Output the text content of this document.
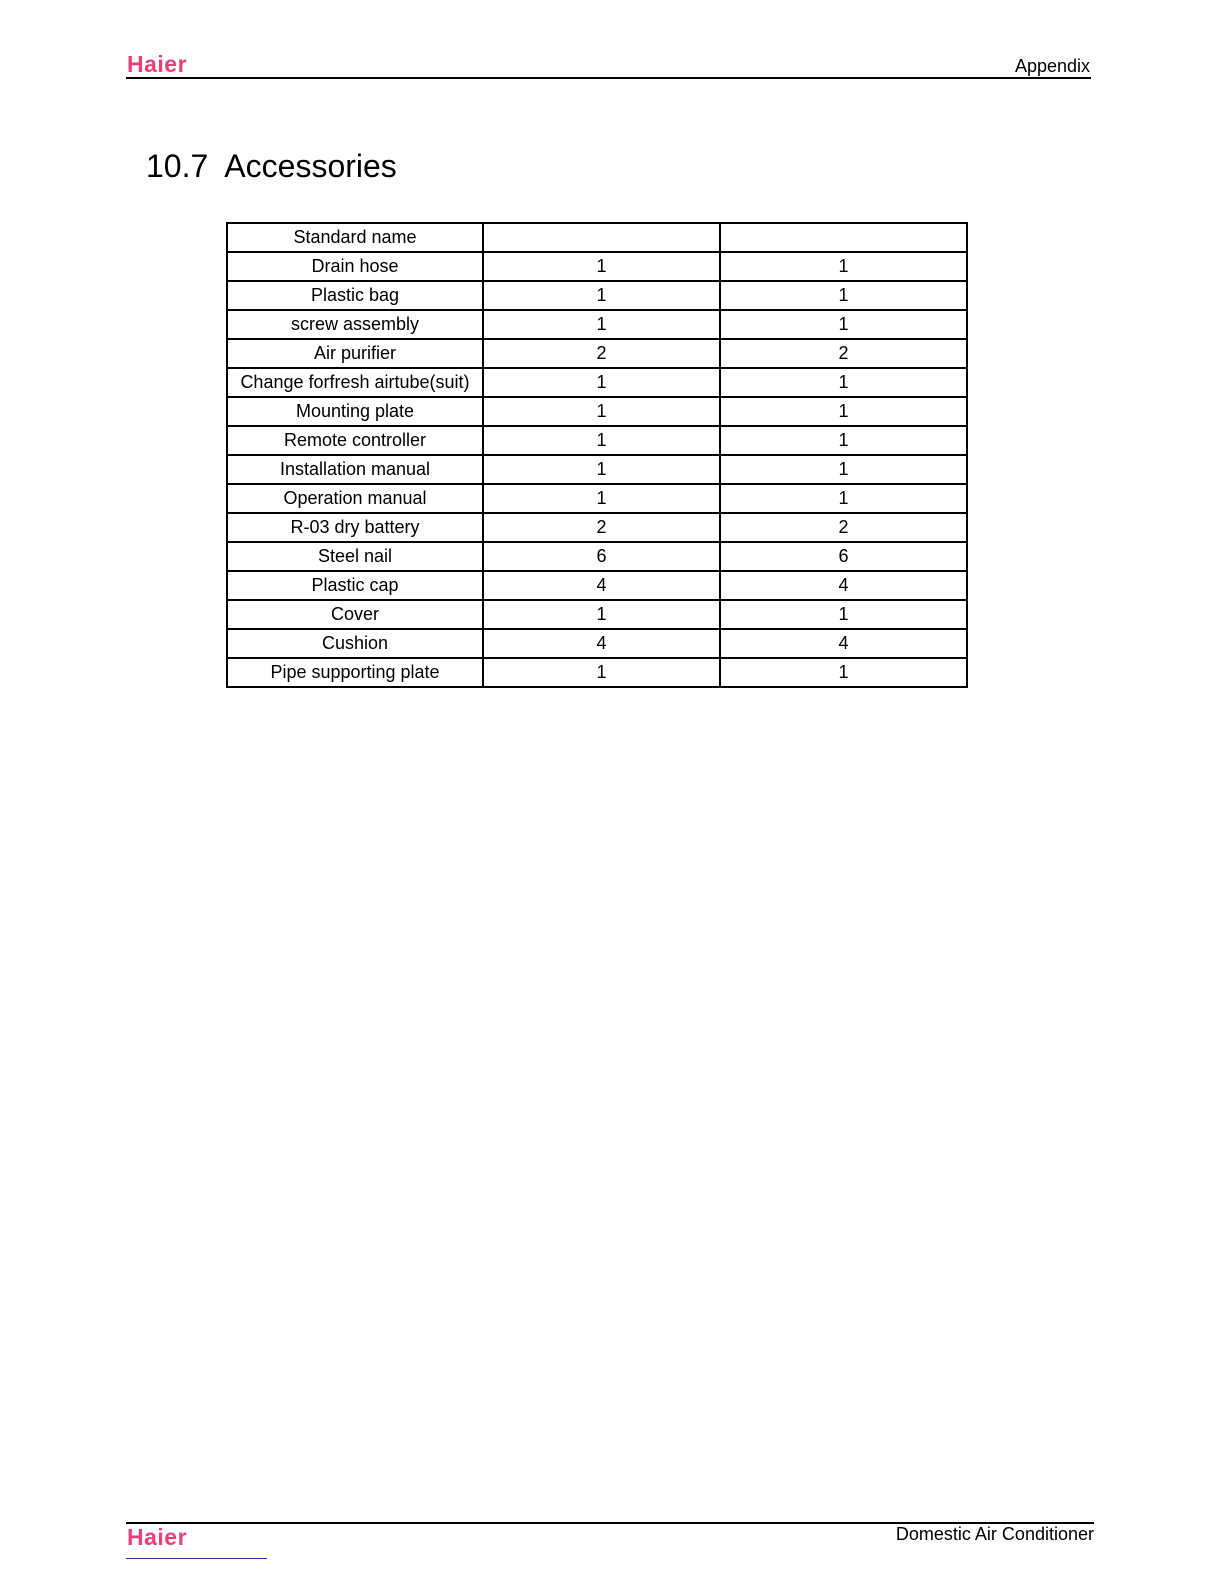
Haier	Appendix
10.7  Accessories
Standard name		
Drain hose	1	1
Plastic bag	1	1
screw assembly	1	1
Air purifier	2	2
Change forfresh airtube(suit)	1	1
Mounting plate	1	1
Remote controller	1	1
Installation manual	1	1
Operation manual	1	1
R-03 dry battery	2	2
Steel nail	6	6
Plastic cap	4	4
Cover	1	1
Cushion	4	4
Pipe supporting plate	1	1
Haier	Domestic Air Conditioner
